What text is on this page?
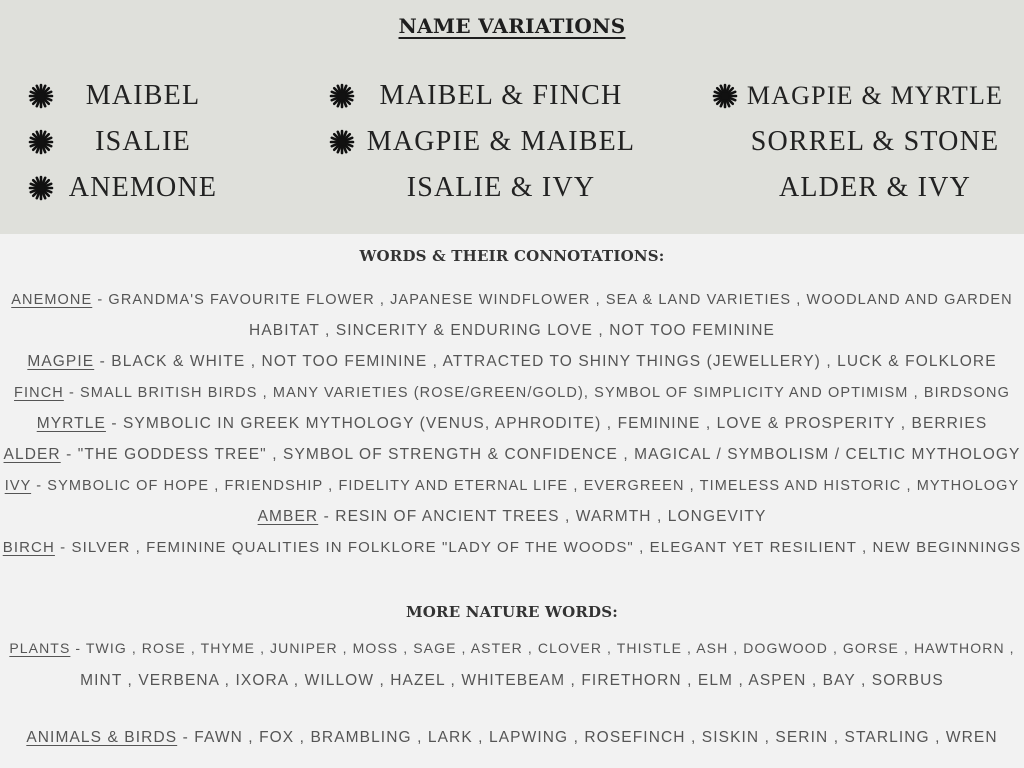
NAME VARIATIONS
MAIBEL
ISALIE
ANEMONE
MAIBEL & FINCH
MAGPIE & MAIBEL
ISALIE & IVY
MAGPIE & MYRTLE
SORREL & STONE
ALDER & IVY
WORDS & THEIR CONNOTATIONS:
ANEMONE - GRANDMA'S FAVOURITE FLOWER , JAPANESE WINDFLOWER , SEA & LAND VARIETIES , WOODLAND AND GARDEN
HABITAT , SINCERITY & ENDURING LOVE , NOT TOO FEMININE
MAGPIE - BLACK & WHITE , NOT TOO FEMININE , ATTRACTED TO SHINY THINGS (JEWELLERY) , LUCK & FOLKLORE
FINCH - SMALL BRITISH BIRDS , MANY VARIETIES (ROSE/GREEN/GOLD), SYMBOL OF SIMPLICITY AND OPTIMISM , BIRDSONG
MYRTLE - SYMBOLIC IN GREEK MYTHOLOGY (VENUS, APHRODITE) , FEMININE , LOVE & PROSPERITY , BERRIES
ALDER - "THE GODDESS TREE" , SYMBOL OF STRENGTH & CONFIDENCE , MAGICAL / SYMBOLISM / CELTIC MYTHOLOGY
IVY - SYMBOLIC OF HOPE , FRIENDSHIP , FIDELITY AND ETERNAL LIFE , EVERGREEN , TIMELESS AND HISTORIC , MYTHOLOGY
AMBER - RESIN OF ANCIENT TREES , WARMTH , LONGEVITY
BIRCH - SILVER , FEMININE QUALITIES IN FOLKLORE "LADY OF THE WOODS" , ELEGANT YET RESILIENT , NEW BEGINNINGS
MORE NATURE WORDS:
PLANTS - TWIG , ROSE , THYME , JUNIPER , MOSS , SAGE , ASTER , CLOVER , THISTLE , ASH , DOGWOOD , GORSE , HAWTHORN ,
MINT , VERBENA , IXORA , WILLOW , HAZEL , WHITEBEAM , FIRETHORN , ELM , ASPEN , BAY , SORBUS
ANIMALS & BIRDS - FAWN , FOX , BRAMBLING , LARK , LAPWING , ROSEFINCH , SISKIN , SERIN , STARLING , WREN
